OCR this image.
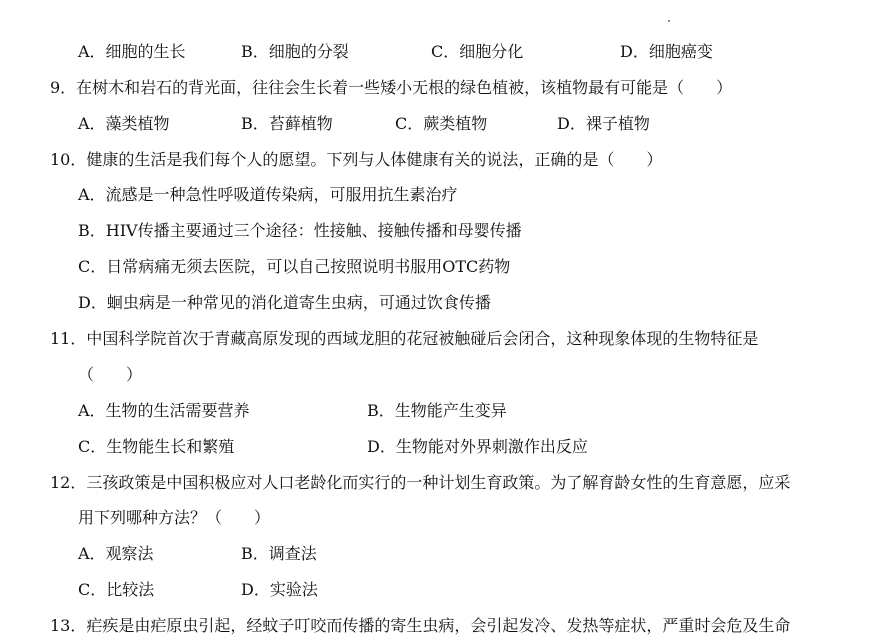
A．细胞的生长	B．细胞的分裂	C．细胞分化	D．细胞癌变
9．在树木和岩石的背光面，往往会生长着一些矮小无根的绿色植被，该植物最有可能是（　　）
A．藻类植物	B．苔藓植物	C．蕨类植物	D．裸子植物
10．健康的生活是我们每个人的愿望。下列与人体健康有关的说法，正确的是（　　）
A．流感是一种急性呼吸道传染病，可服用抗生素治疗
B．HIV传播主要通过三个途径：性接触、接触传播和母婴传播
C．日常病痛无须去医院，可以自己按照说明书服用OTC药物
D．蛔虫病是一种常见的消化道寄生虫病，可通过饮食传播
11．中国科学院首次于青藏高原发现的西域龙胆的花冠被触碰后会闭合，这种现象体现的生物特征是
（　　）
A．生物的生活需要营养	B．生物能产生变异
C．生物能生长和繁殖	D．生物能对外界刺激作出反应
12．三孩政策是中国积极应对人口老龄化而实行的一种计划生育政策。为了解育龄女性的生育意愿，应采
用下列哪种方法？（　　）
A．观察法	B．调查法
C．比较法	D．实验法
13．疟疾是由疟原虫引起，经蚊子叮咬而传播的寄生虫病，会引起发冷、发热等症状，严重时会危及生命
